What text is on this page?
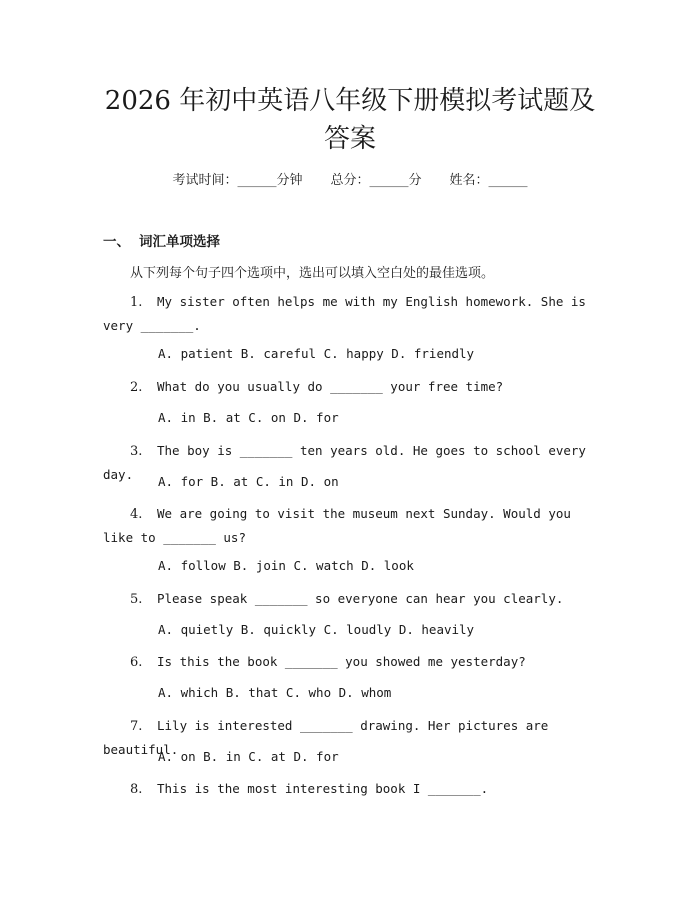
2026 年初中英语八年级下册模拟考试题及答案
考试时间：______分钟 总分：______分 姓名：______
一、 词汇单项选择
从下列每个句子四个选项中，选出可以填入空白处的最佳选项。
1. My sister often helps me with my English homework. She is very _______.
A. patient B. careful C. happy D. friendly
2. What do you usually do _______ your free time?
A. in B. at C. on D. for
3. The boy is _______ ten years old. He goes to school every day.	A. for B. at C. in D. on
4. We are going to visit the museum next Sunday. Would you like to _______ us?
A. follow B. join C. watch D. look
5. Please speak _______ so everyone can hear you clearly.
A. quietly B. quickly C. loudly D. heavily
6. Is this the book _______ you showed me yesterday?
A. which B. that C. who D. whom
7. Lily is interested _______ drawing. Her pictures are beautiful.
A. on B. in C. at D. for
8. This is the most interesting book I _______.
